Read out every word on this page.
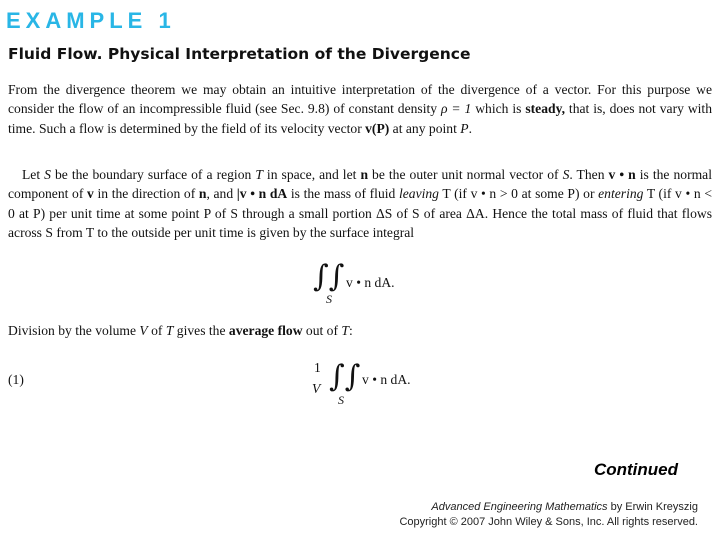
EXAMPLE 1
Fluid Flow. Physical Interpretation of the Divergence
From the divergence theorem we may obtain an intuitive interpretation of the divergence of a vector. For this purpose we consider the flow of an incompressible fluid (see Sec. 9.8) of constant density ρ = 1 which is steady, that is, does not vary with time. Such a flow is determined by the field of its velocity vector v(P) at any point P.
Let S be the boundary surface of a region T in space, and let n be the outer unit normal vector of S. Then v • n is the normal component of v in the direction of n, and |v • n dA is the mass of fluid leaving T (if v • n > 0 at some P) or entering T (if v • n < 0 at P) per unit time at some point P of S through a small portion ΔS of S of area ΔA. Hence the total mass of fluid that flows across S from T to the outside per unit time is given by the surface integral
∫∫
S
v • n dA.
Division by the volume V of T gives the average flow out of T:
(1)
1
V ∫∫
S
v • n dA.
Continued
Advanced Engineering Mathematics by Erwin Kreyszig
Copyright © 2007 John Wiley & Sons, Inc. All rights reserved.
